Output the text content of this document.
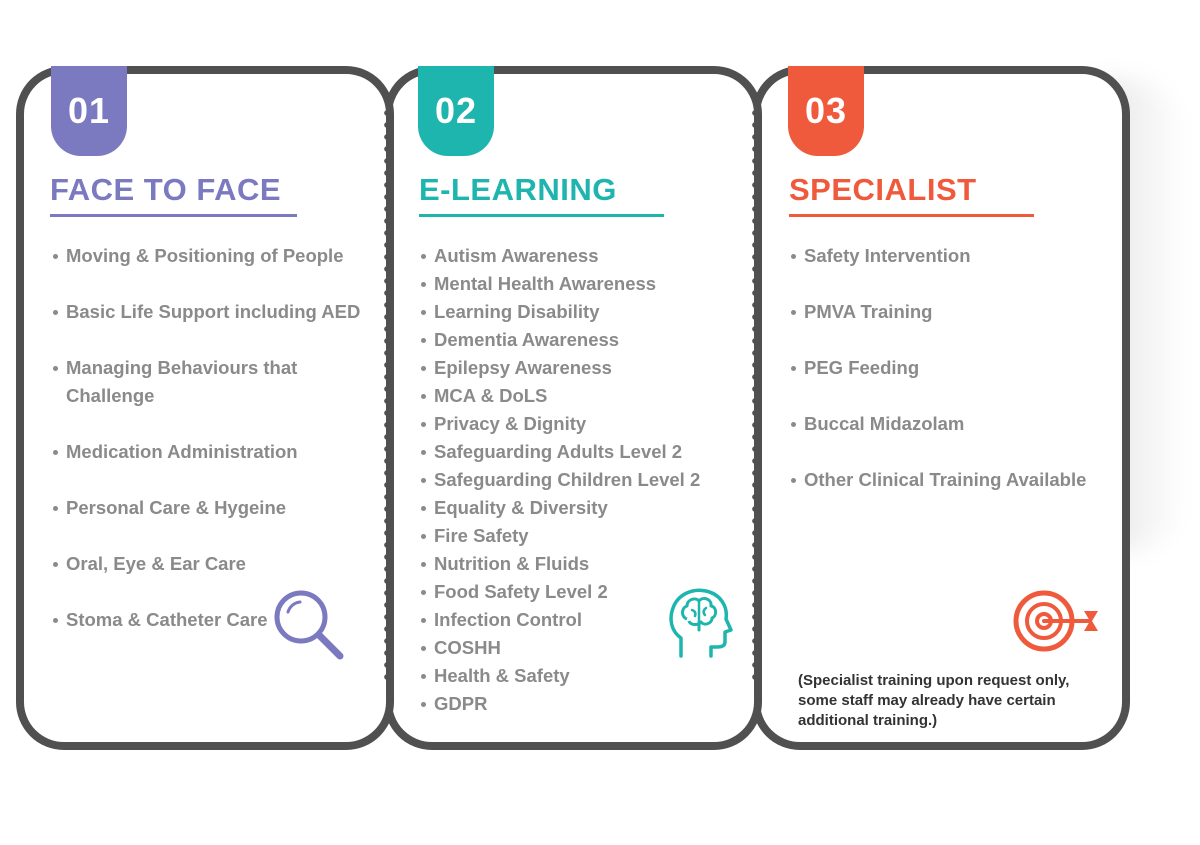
01
FACE TO FACE
Moving & Positioning of People
Basic Life Support including AED
Managing Behaviours that Challenge
Medication Administration
Personal Care & Hygeine
Oral, Eye & Ear Care
Stoma & Catheter Care
02
E-LEARNING
Autism Awareness
Mental Health Awareness
Learning Disability
Dementia Awareness
Epilepsy Awareness
MCA & DoLS
Privacy & Dignity
Safeguarding Adults Level 2
Safeguarding Children Level 2
Equality & Diversity
Fire Safety
Nutrition & Fluids
Food Safety Level 2
Infection Control
COSHH
Health & Safety
GDPR
03
SPECIALIST
Safety Intervention
PMVA Training
PEG Feeding
Buccal Midazolam
Other Clinical Training Available
(Specialist training upon request only, some staff may already have certain additional training.)
